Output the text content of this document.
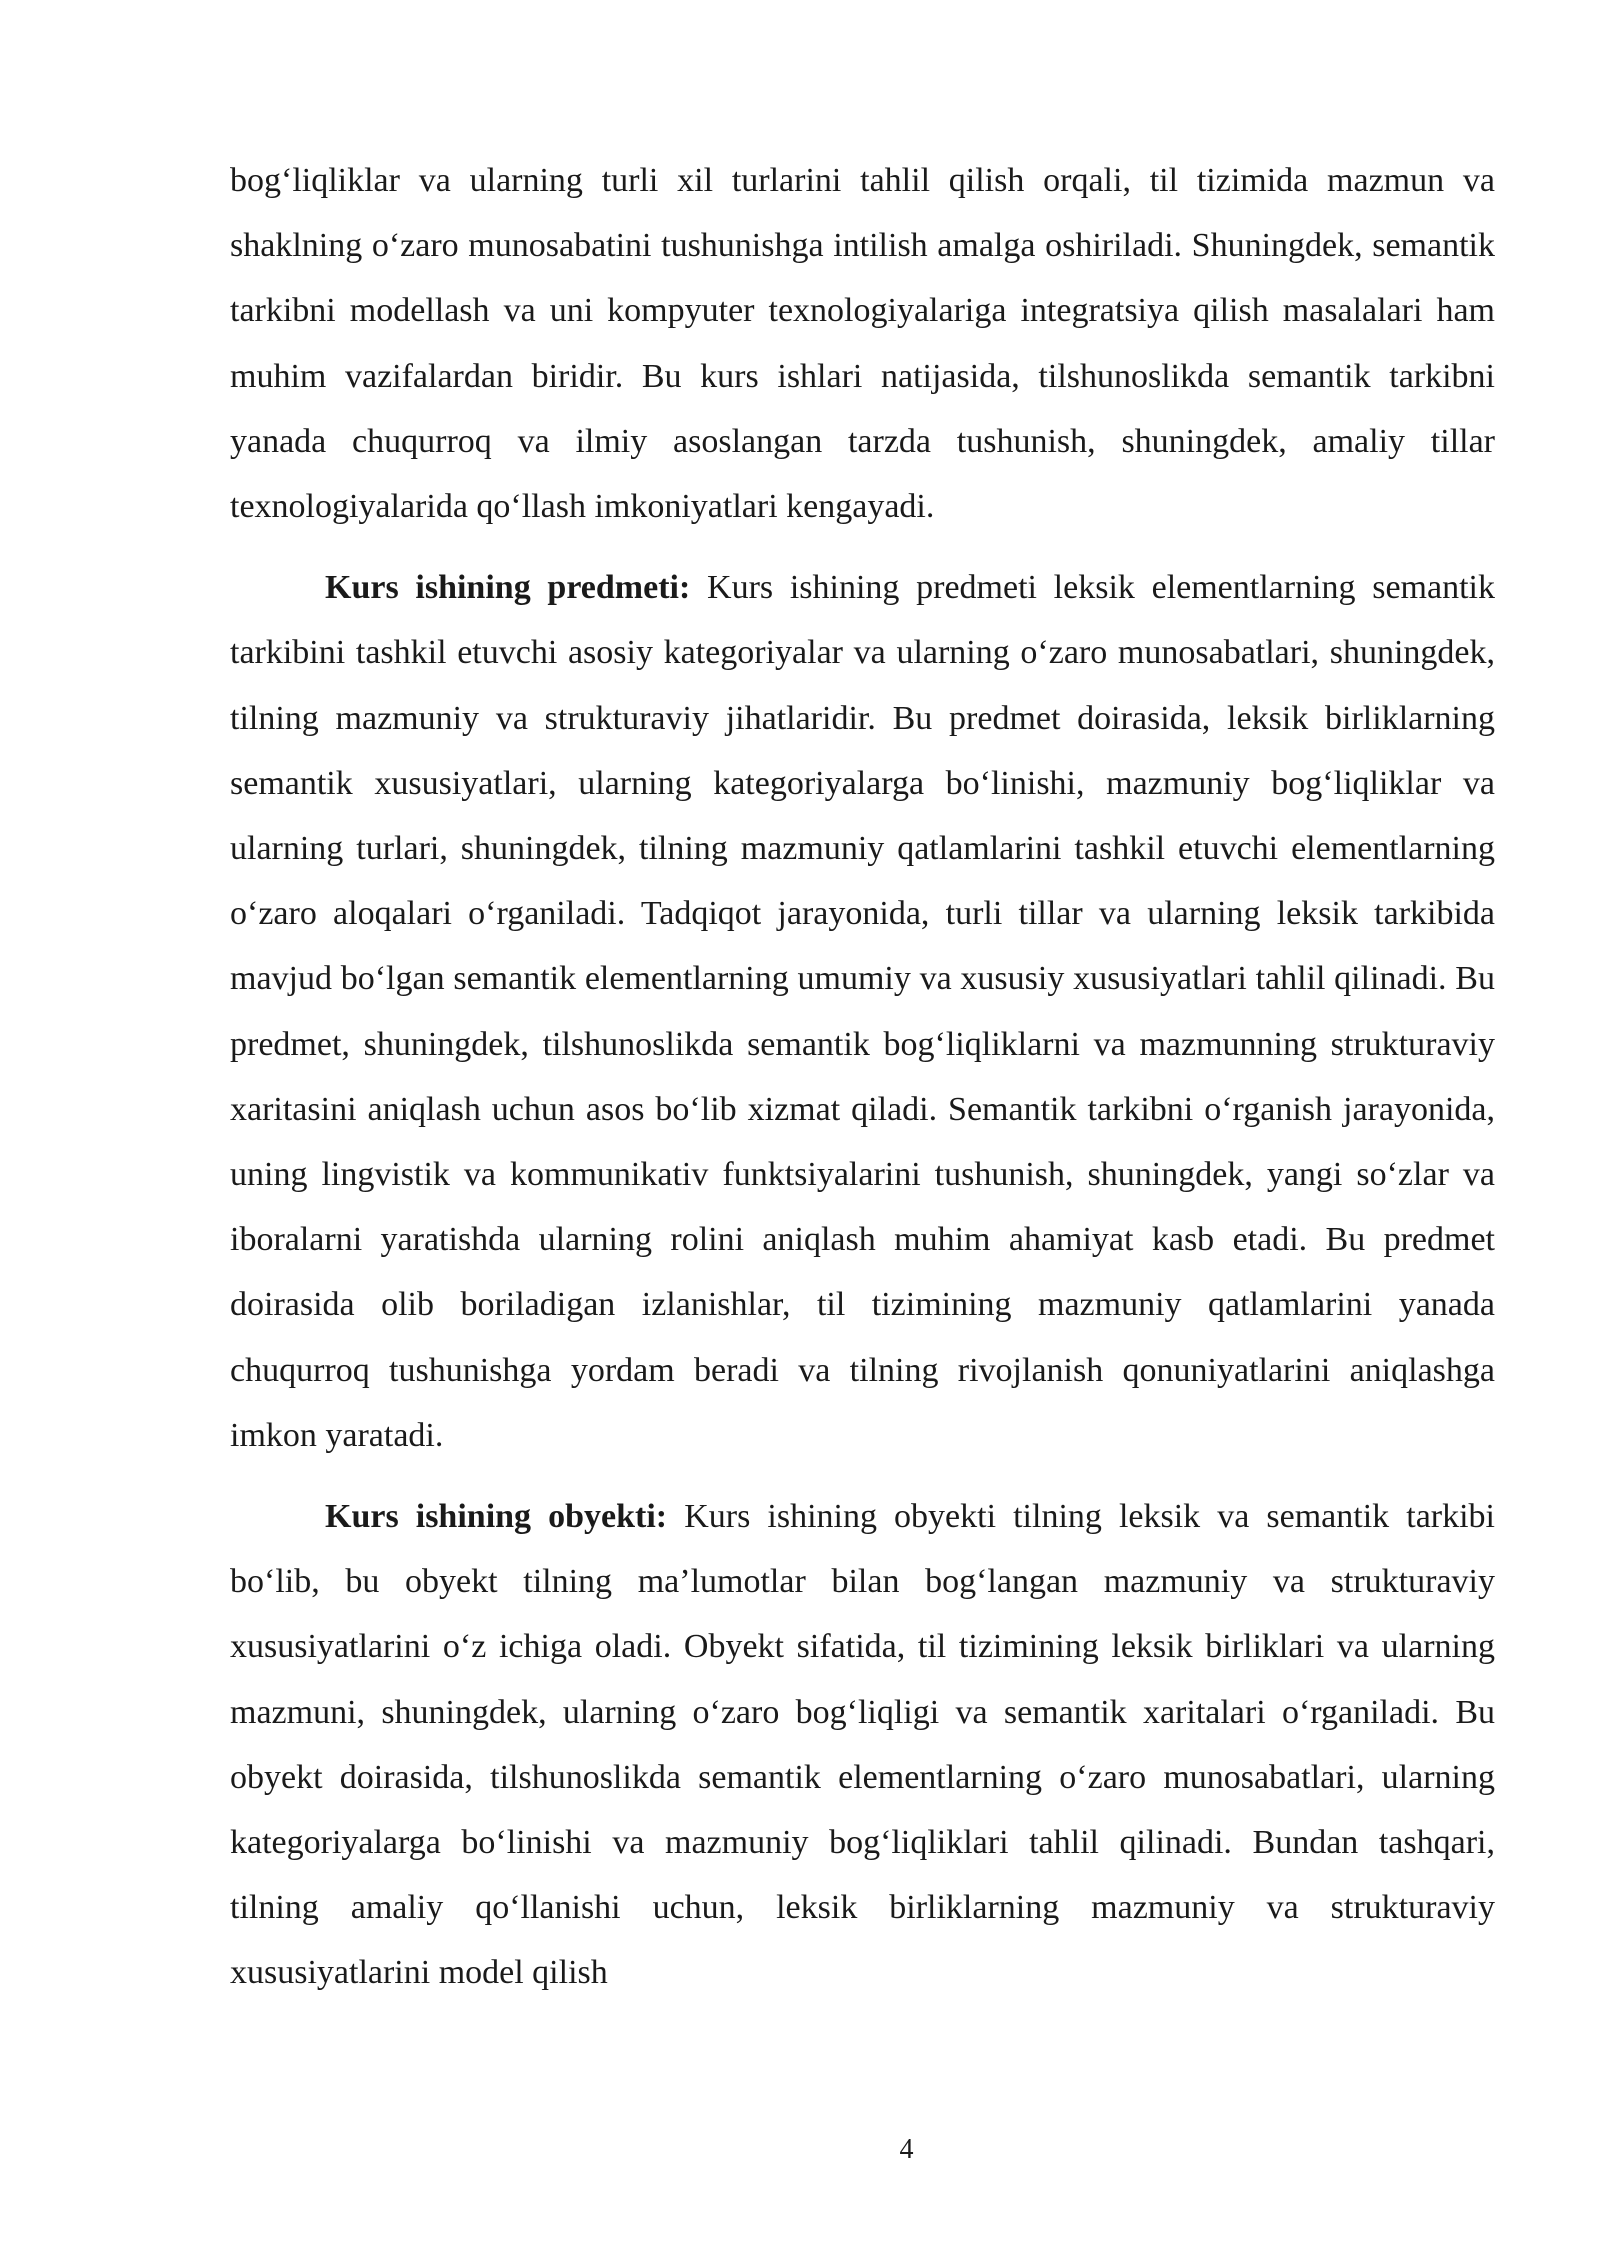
bog‘liqliklar va ularning turli xil turlarini tahlil qilish orqali, til tizimida mazmun va shaklning o‘zaro munosabatini tushunishga intilish amalga oshiriladi. Shuningdek, semantik tarkibni modellash va uni kompyuter texnologiyalariga integratsiya qilish masalalari ham muhim vazifalardan biridir. Bu kurs ishlari natijasida, tilshunoslikda semantik tarkibni yanada chuqurroq va ilmiy asoslangan tarzda tushunish, shuningdek, amaliy tillar texnologiyalarida qo‘llash imkoniyatlari kengayadi.

Kurs ishining predmeti: Kurs ishining predmeti leksik elementlarning semantik tarkibini tashkil etuvchi asosiy kategoriyalar va ularning o‘zaro munosabatlari, shuningdek, tilning mazmuniy va strukturaviy jihatlaridir. Bu predmet doirasida, leksik birliklarning semantik xususiyatlari, ularning kategoriyalarga bo‘linishi, mazmuniy bog‘liqliklar va ularning turlari, shuningdek, tilning mazmuniy qatlamlarini tashkil etuvchi elementlarning o‘zaro aloqalari o‘rganiladi. Tadqiqot jarayonida, turli tillar va ularning leksik tarkibida mavjud bo‘lgan semantik elementlarning umumiy va xususiy xususiyatlari tahlil qilinadi. Bu predmet, shuningdek, tilshunoslikda semantik bog‘liqliklarni va mazmunning strukturaviy xaritasini aniqlash uchun asos bo‘lib xizmat qiladi. Semantik tarkibni o‘rganish jarayonida, uning lingvistik va kommunikativ funktsiyalarini tushunish, shuningdek, yangi so‘zlar va iboralarni yaratishda ularning rolini aniqlash muhim ahamiyat kasb etadi. Bu predmet doirasida olib boriladigan izlanishlar, til tizimining mazmuniy qatlamlarini yanada chuqurroq tushunishga yordam beradi va tilning rivojlanish qonuniyatlarini aniqlashga imkon yaratadi.

Kurs ishining obyekti: Kurs ishining obyekti tilning leksik va semantik tarkibi bo‘lib, bu obyekt tilning ma’lumotlar bilan bog‘langan mazmuniy va strukturaviy xususiyatlarini o‘z ichiga oladi. Obyekt sifatida, til tizimining leksik birliklari va ularning mazmuni, shuningdek, ularning o‘zaro bog‘liqligi va semantik xaritalari o‘rganiladi. Bu obyekt doirasida, tilshunoslikda semantik elementlarning o‘zaro munosabatlari, ularning kategoriyalarga bo‘linishi va mazmuniy bog‘liqliklari tahlil qilinadi. Bundan tashqari, tilning amaliy qo‘llanishi uchun, leksik birliklarning mazmuniy va strukturaviy xususiyatlarini model qilish

4
